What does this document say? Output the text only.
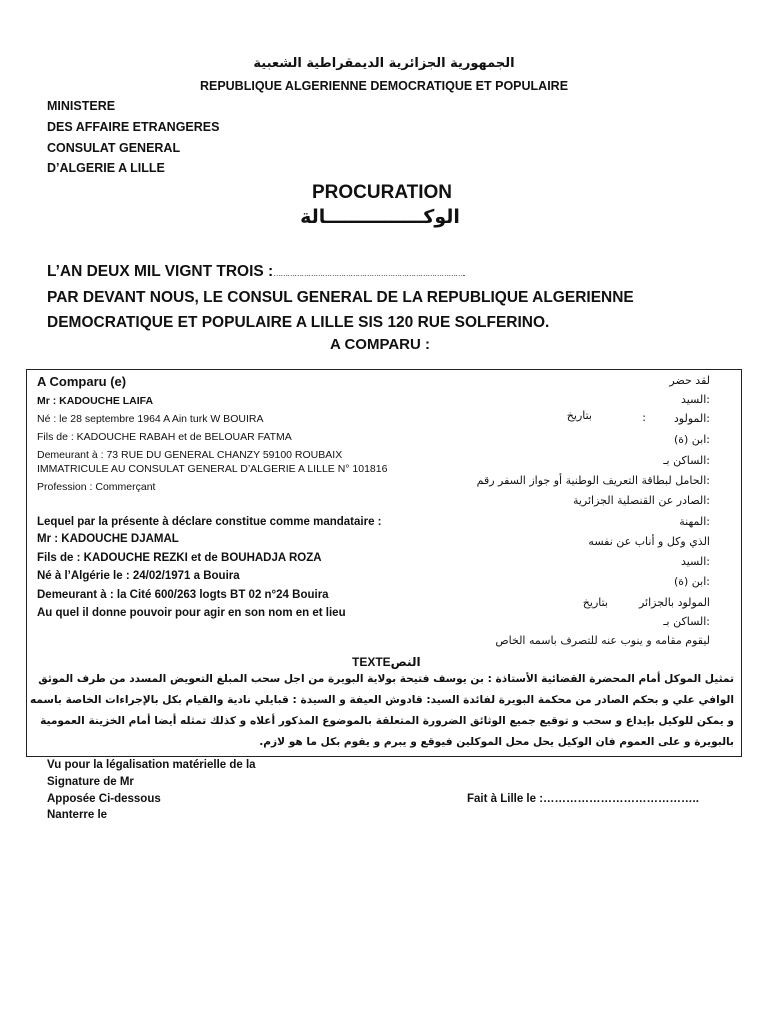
الجمهورية الجزائرية الديمقراطية الشعبية
REPUBLIQUE ALGERIENNE DEMOCRATIQUE ET POPULAIRE
MINISTERE
DES AFFAIRE ETRANGERES
CONSULAT GENERAL
D’ALGERIE A LILLE
PROCURATION
الوكـــــــــــــــالة
L’AN DEUX MIL VIGNT TROIS :………………………………………………………………………..
PAR DEVANT NOUS, LE CONSUL GENERAL DE LA REPUBLIQUE ALGERIENNE
DEMOCRATIQUE ET POPULAIRE A LILLE SIS 120 RUE SOLFERINO.
A COMPARU :
A Comparu (e)
Mr : KADOUCHE LAIFA
Né : le 28 septembre 1964 A Ain turk W BOUIRA
Fils de : KADOUCHE RABAH et de BELOUAR FATMA
Demeurant à : 73 RUE DU GENERAL CHANZY 59100 ROUBAIX
IMMATRICULE AU CONSULAT GENERAL D’ALGERIE A LILLE N° 101816
Profession : Commerçant
Lequel par la présente à déclare constitue comme mandataire :
Mr : KADOUCHE DJAMAL
Fils de : KADOUCHE REZKI et de BOUHADJA ROZA
Né à l’Algérie le : 24/02/1971 a Bouira
Demeurant à : la Cité 600/263 logts BT 02 n°24 Bouira
Au quel il donne pouvoir pour agir en son nom en et lieu
لقد حضر
:السيد
:المولود
:
بتاريخ
:ابن (ة)
:الساكن بـ
:الحامل لبطاقة التعريف الوطنية أو جواز السفر رقم
:الصادر عن القنصلية الجزائرية
:المهنة
الذي وكل و أناب عن نفسه
:السيد
:ابن (ة)
المولود بالجزائر
بتاريخ
:الساكن بـ
ليقوم مقامه و ينوب عنه للتصرف باسمه الخاص
TEXTEالنص
تمثيل الموكل أمام المحضرة القضائية الأستاذة : بن يوسف فتيحة بولاية البويرة من اجل سحب المبلغ التعويض المسدد من طرف الموثق
الوافي علي و بحكم الصادر من محكمة البويرة لفائدة السيد: قادوش العيفة و السيدة : قبايلي نادية والقيام بكل بالإجراءات الخاصة باسمه
و يمكن للوكيل بإيداع و سحب و توقيع جميع الوثائق الضرورة المتعلقة بالموضوع المذكور أعلاه و كذلك تمثله أيضا أمام الخزينة العمومية
بالبويرة و على العموم فان الوكيل يحل محل الموكلين فيوقع و يبرم و يقوم بكل ما هو لازم.
Vu pour la légalisation matérielle de la
Signature de Mr
Apposée Ci-dessous
Nanterre le
Fait à Lille le :…………………………………..
